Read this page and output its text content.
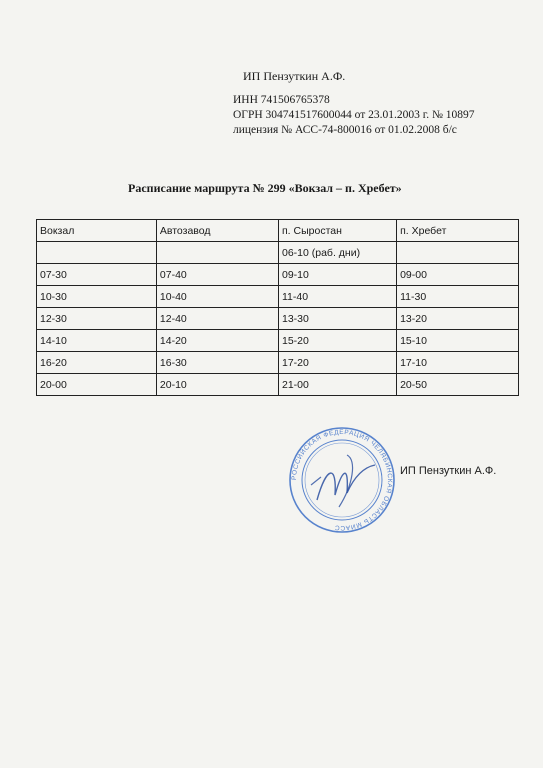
ИП Пензуткин А.Ф.
ИНН 741506765378
ОГРН 304741517600044 от 23.01.2003 г. № 10897
лицензия № АСС-74-800016 от 01.02.2008 б/с
Расписание маршрута № 299 «Вокзал – п. Хребет»
Вокзал	Автозавод	п. Сыростан	п. Хребет
		06-10 (раб. дни)	
07-30	07-40	09-10	09-00
10-30	10-40	11-40	11-30
12-30	12-40	13-30	13-20
14-10	14-20	15-20	15-10
16-20	16-30	17-20	17-10
20-00	20-10	21-00	20-50
РОССИЙСКАЯ ФЕДЕРАЦИЯ ЧЕЛЯБИНСКАЯ ОБЛАСТЬ МИАСС
ИП Пензуткин А.Ф.
